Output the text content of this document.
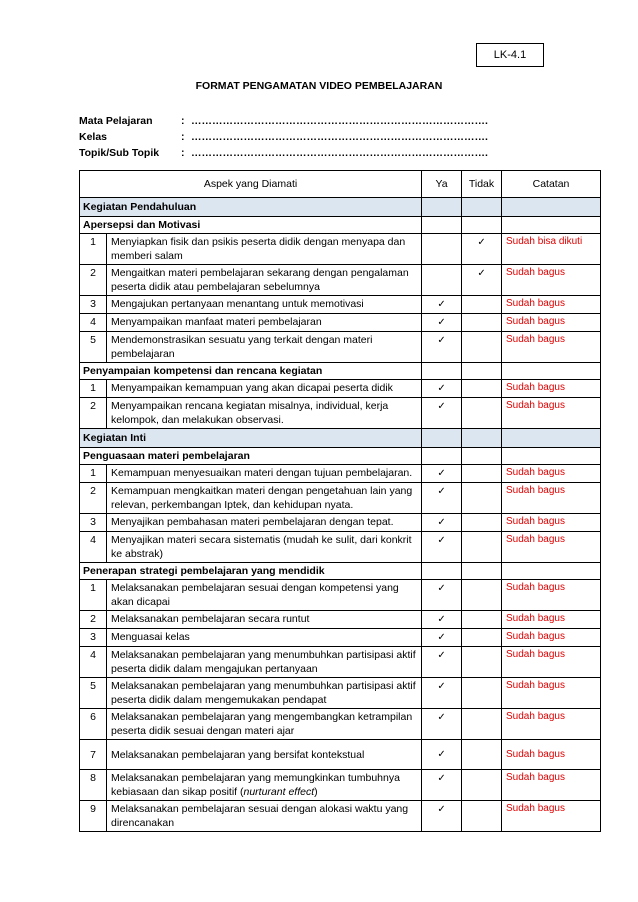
LK-4.1
FORMAT PENGAMATAN VIDEO PEMBELAJARAN
Mata Pelajaran	: ………………………………………………………………………….
Kelas	: ………………………………………………………………………….
Topik/Sub Topik	: ………………………………………………………………………….
Aspek yang Diamati		Ya	Tidak	Catatan
Kegiatan Pendahuluan				
Apersepsi dan Motivasi				
1	Menyiapkan fisik dan psikis peserta didik dengan menyapa dan memberi salam		✓	Sudah bisa dikuti
2	Mengaitkan materi pembelajaran sekarang dengan pengalaman peserta didik atau pembelajaran sebelumnya		✓	Sudah bagus
3	Mengajukan pertanyaan menantang untuk memotivasi	✓		Sudah bagus
4	Menyampaikan manfaat materi pembelajaran	✓		Sudah bagus
5	Mendemonstrasikan sesuatu yang terkait dengan materi pembelajaran	✓		Sudah bagus
Penyampaian kompetensi dan rencana kegiatan				
1	Menyampaikan kemampuan yang akan dicapai peserta didik	✓		Sudah bagus
2	Menyampaikan rencana kegiatan misalnya, individual, kerja kelompok, dan melakukan observasi.	✓		Sudah bagus
Kegiatan Inti				
Penguasaan materi pembelajaran				
1	Kemampuan menyesuaikan materi dengan tujuan pembelajaran.	✓		Sudah bagus
2	Kemampuan mengkaitkan materi dengan pengetahuan lain yang relevan, perkembangan Iptek, dan kehidupan nyata.	✓		Sudah bagus
3	Menyajikan pembahasan materi pembelajaran dengan tepat.	✓		Sudah bagus
4	Menyajikan materi secara sistematis (mudah ke sulit, dari konkrit ke abstrak)	✓		Sudah bagus
Penerapan strategi pembelajaran yang mendidik				
1	Melaksanakan pembelajaran sesuai dengan kompetensi yang akan dicapai	✓		Sudah bagus
2	Melaksanakan pembelajaran secara runtut	✓		Sudah bagus
3	Menguasai kelas	✓		Sudah bagus
4	Melaksanakan pembelajaran yang menumbuhkan partisipasi aktif peserta didik dalam mengajukan pertanyaan	✓		Sudah bagus
5	Melaksanakan pembelajaran yang menumbuhkan partisipasi aktif peserta didik dalam mengemukakan pendapat	✓		Sudah bagus
6	Melaksanakan pembelajaran yang mengembangkan ketrampilan peserta didik sesuai dengan materi ajar	✓		Sudah bagus
7	Melaksanakan pembelajaran yang bersifat kontekstual	✓		Sudah bagus
8	Melaksanakan pembelajaran yang memungkinkan tumbuhnya kebiasaan dan sikap positif (nurturant effect)	✓		Sudah bagus
9	Melaksanakan pembelajaran sesuai dengan alokasi waktu yang direncanakan	✓		Sudah bagus
